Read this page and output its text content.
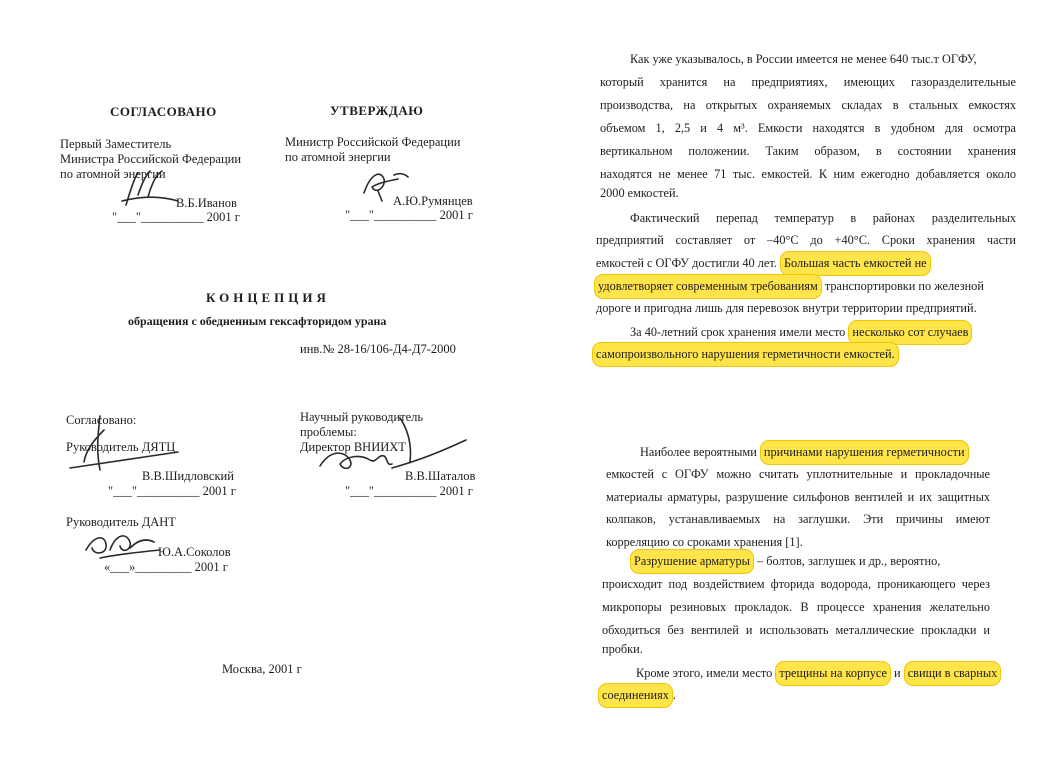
СОГЛАСОВАНО
Первый Заместитель
Министра Российской Федерации
по атомной энергии
В.Б.Иванов
"___"__________ 2001 г
УТВЕРЖДАЮ
Министр Российской Федерации
по атомной энергии
А.Ю.Румянцев
"___"__________ 2001 г
КОНЦЕПЦИЯ
обращения с обедненным гексафторидом урана
инв.№ 28-16/106-Д4-Д7-2000
Согласовано:
Руководитель ДЯТЦ
В.В.Шидловский
"___"__________ 2001 г
Научный руководитель
проблемы:
Директор ВНИИХТ
В.В.Шаталов
"___"__________ 2001 г
Руководитель ДАНТ
Ю.А.Соколов
«___»_________ 2001 г
Москва, 2001 г
Как уже указывалось, в России имеется не менее 640 тыс.т ОГФУ,
который хранится на предприятиях, имеющих газоразделительные
производства, на открытых охраняемых складах в стальных емкостях
объемом 1, 2,5 и 4 м³. Емкости находятся в удобном для осмотра
вертикальном положении. Таким образом, в состоянии хранения
находятся не менее 71 тыс. емкостей. К ним ежегодно добавляется около
2000 емкостей.
Фактический перепад температур в районах разделительных
предприятий составляет от –40°С до +40°С. Сроки хранения части
емкостей с ОГФУ достигли 40 лет. Большая часть емкостей не
удовлетворяет современным требованиям транспортировки по железной
дороге и пригодна лишь для перевозок внутри территории предприятий.
За 40-летний срок хранения имели место несколько сот случаев
самопроизвольного нарушения герметичности емкостей.
Наиболее вероятными причинами нарушения герметичности
емкостей с ОГФУ можно считать уплотнительные и прокладочные
материалы арматуры, разрушение сильфонов вентилей и их защитных
колпаков, устанавливаемых на заглушки. Эти причины имеют
корреляцию со сроками хранения [1].
Разрушение арматуры – болтов, заглушек и др., вероятно,
происходит под воздействием фторида водорода, проникающего через
микропоры резиновых прокладок. В процессе хранения желательно
обходиться без вентилей и использовать металлические прокладки и
пробки.
Кроме этого, имели место трещины на корпусе и свищи в сварных
соединениях .
